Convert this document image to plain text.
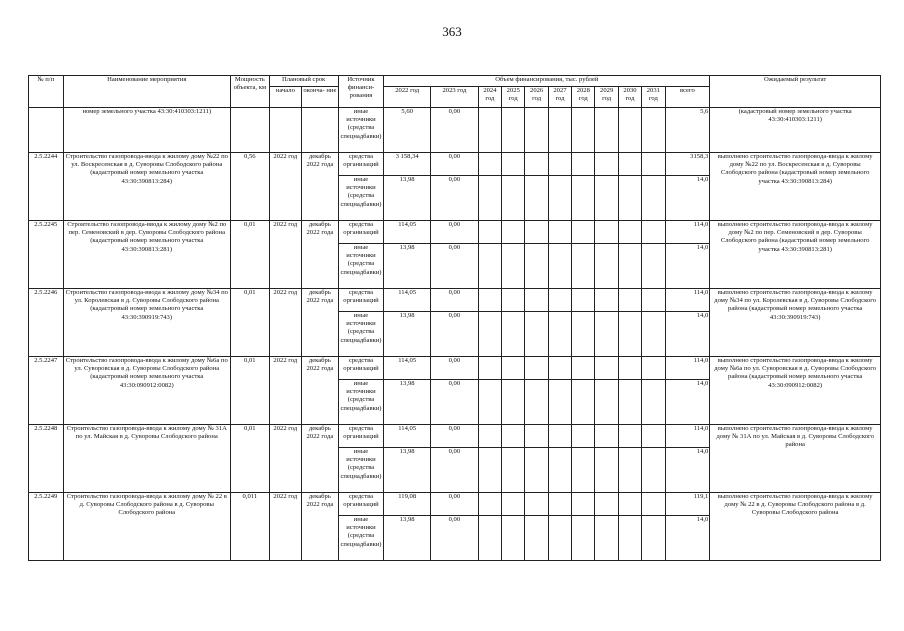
363
№ п/п	Наименование мероприятия	Мощность объекта, км	Плановый срок		Источник финанси- рования	Объем финансирования, тыс. рублей											Ожидаемый результат
			начало	оконча- ние		2022 год	2023 год	2024 год	2025 год	2026 год	2027 год	2028 год	2029 год	2030 год	2031 год	всего	
	номер земельного участка 43:30:410303:1211)				иные источники (средства спецнадбавки)	5,60	0,00									5,6	(кадастровый номер земельного участка 43:30:410303:1211)
2.5.2244	Строительство газопровода-ввода к жилому дому №22 по ул. Воскресенская в д. Суворовы Слободского района (кадастровый номер земельного участка 43:30:390813:284)	0,56	2022 год	декабрь 2022 года	средства организаций	3 158,34	0,00									3158,3	выполнено строительство газопровода-ввода к жилому дому №22 по ул. Воскресенская в д. Суворовы Слободского района (кадастровый номер земельного участка 43:30:390813:284)
					иные источники (средства спецнадбавки)	13,98	0,00									14,0	
2.5.2245	Строительство газопровода-ввода к жилому дому №2 по пер. Семеновский в дер. Суворовы Слободского района (кадастровый номер земельного участка 43:30:390813:281)	0,01	2022 год	декабрь 2022 года	средства организаций	114,05	0,00									114,0	выполнено строительство газопровода-ввода к жилому дому №2 по пер. Семеновский в дер. Суворовы Слободского района (кадастровый номер земельного участка 43:30:390813:281)
					иные источники (средства спецнадбавки)	13,98	0,00									14,0	
2.5.2246	Строительство газопровода-ввода к жилому дому №34 по ул. Королевская в д. Суворовы Слободского района (кадастровый номер земельного участка 43:30:390919:743)	0,01	2022 год	декабрь 2022 года	средства организаций	114,05	0,00									114,0	выполнено строительство газопровода-ввода к жилому дому №34 по ул. Королевская в д. Суворовы Слободского района (кадастровый номер земельного участка 43:30:390919:743)
					иные источники (средства спецнадбавки)	13,98	0,00									14,0	
2.5.2247	Строительство газопровода-ввода к жилому дому №6а по ул. Суворовская в д. Суворовы Слободского района (кадастровый номер земельного участка 43:30:090912:0082)	0,01	2022 год	декабрь 2022 года	средства организаций	114,05	0,00									114,0	выполнено строительство газопровода-ввода к жилому дому №6а по ул. Суворовская в д. Суворовы Слободского района (кадастровый номер земельного участка 43:30:090912:0082)
					иные источники (средства спецнадбавки)	13,98	0,00									14,0	
2.5.2248	Строительство газопровода-ввода к жилому дому № 31А по ул. Майская в д. Суворовы Слободского района	0,01	2022 год	декабрь 2022 года	средства организаций	114,05	0,00									114,0	выполнено строительство газопровода-ввода к жилому дому № 31А по ул. Майская в д. Суворовы Слободского района
					иные источники (средства спецнадбавки)	13,98	0,00									14,0	
2.5.2249	Строительство газопровода-ввода к жилому дому № 22 в д. Суворовы Слободского района в д. Суворовы Слободского района	0,011	2022 год	декабрь 2022 года	средства организаций	119,08	0,00									119,1	выполнено строительство газопровода-ввода к жилому дому № 22 в д. Суворовы Слободского района в д. Суворовы Слободского района
					иные источники (средства спецнадбавки)	13,98	0,00									14,0	
